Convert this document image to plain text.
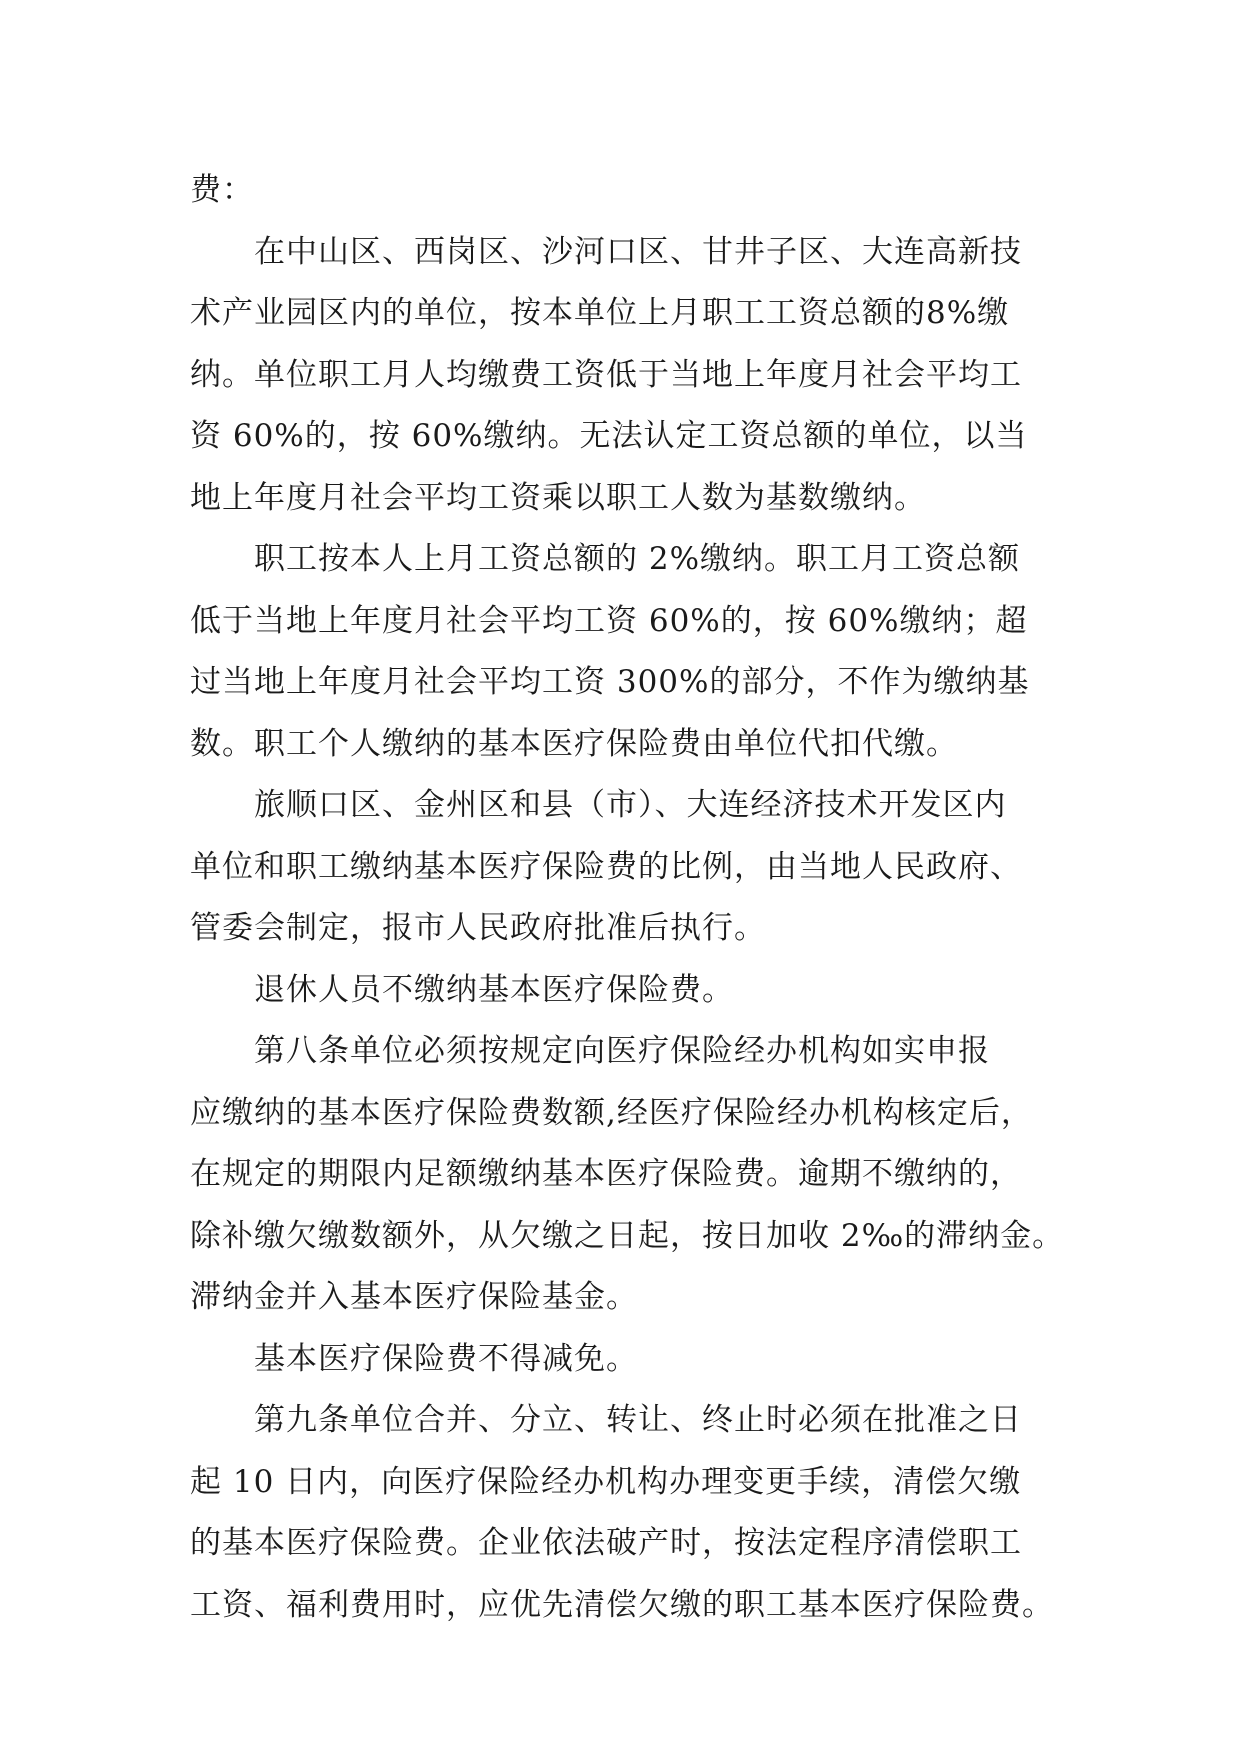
费：
在中山区、西岗区、沙河口区、甘井子区、大连高新技
术产业园区内的单位，按本单位上月职工工资总额的8%缴
纳。单位职工月人均缴费工资低于当地上年度月社会平均工
资 60%的，按 60%缴纳。无法认定工资总额的单位，以当
地上年度月社会平均工资乘以职工人数为基数缴纳。
职工按本人上月工资总额的 2%缴纳。职工月工资总额
低于当地上年度月社会平均工资 60%的，按 60%缴纳；超
过当地上年度月社会平均工资 300%的部分，不作为缴纳基
数。职工个人缴纳的基本医疗保险费由单位代扣代缴。
旅顺口区、金州区和县（市）、大连经济技术开发区内
单位和职工缴纳基本医疗保险费的比例，由当地人民政府、
管委会制定，报市人民政府批准后执行。
退休人员不缴纳基本医疗保险费。
第八条单位必须按规定向医疗保险经办机构如实申报
应缴纳的基本医疗保险费数额,经医疗保险经办机构核定后，
在规定的期限内足额缴纳基本医疗保险费。逾期不缴纳的，
除补缴欠缴数额外，从欠缴之日起，按日加收 2‰的滞纳金。
滞纳金并入基本医疗保险基金。
基本医疗保险费不得减免。
第九条单位合并、分立、转让、终止时必须在批准之日
起 10 日内，向医疗保险经办机构办理变更手续，清偿欠缴
的基本医疗保险费。企业依法破产时，按法定程序清偿职工
工资、福利费用时，应优先清偿欠缴的职工基本医疗保险费。
